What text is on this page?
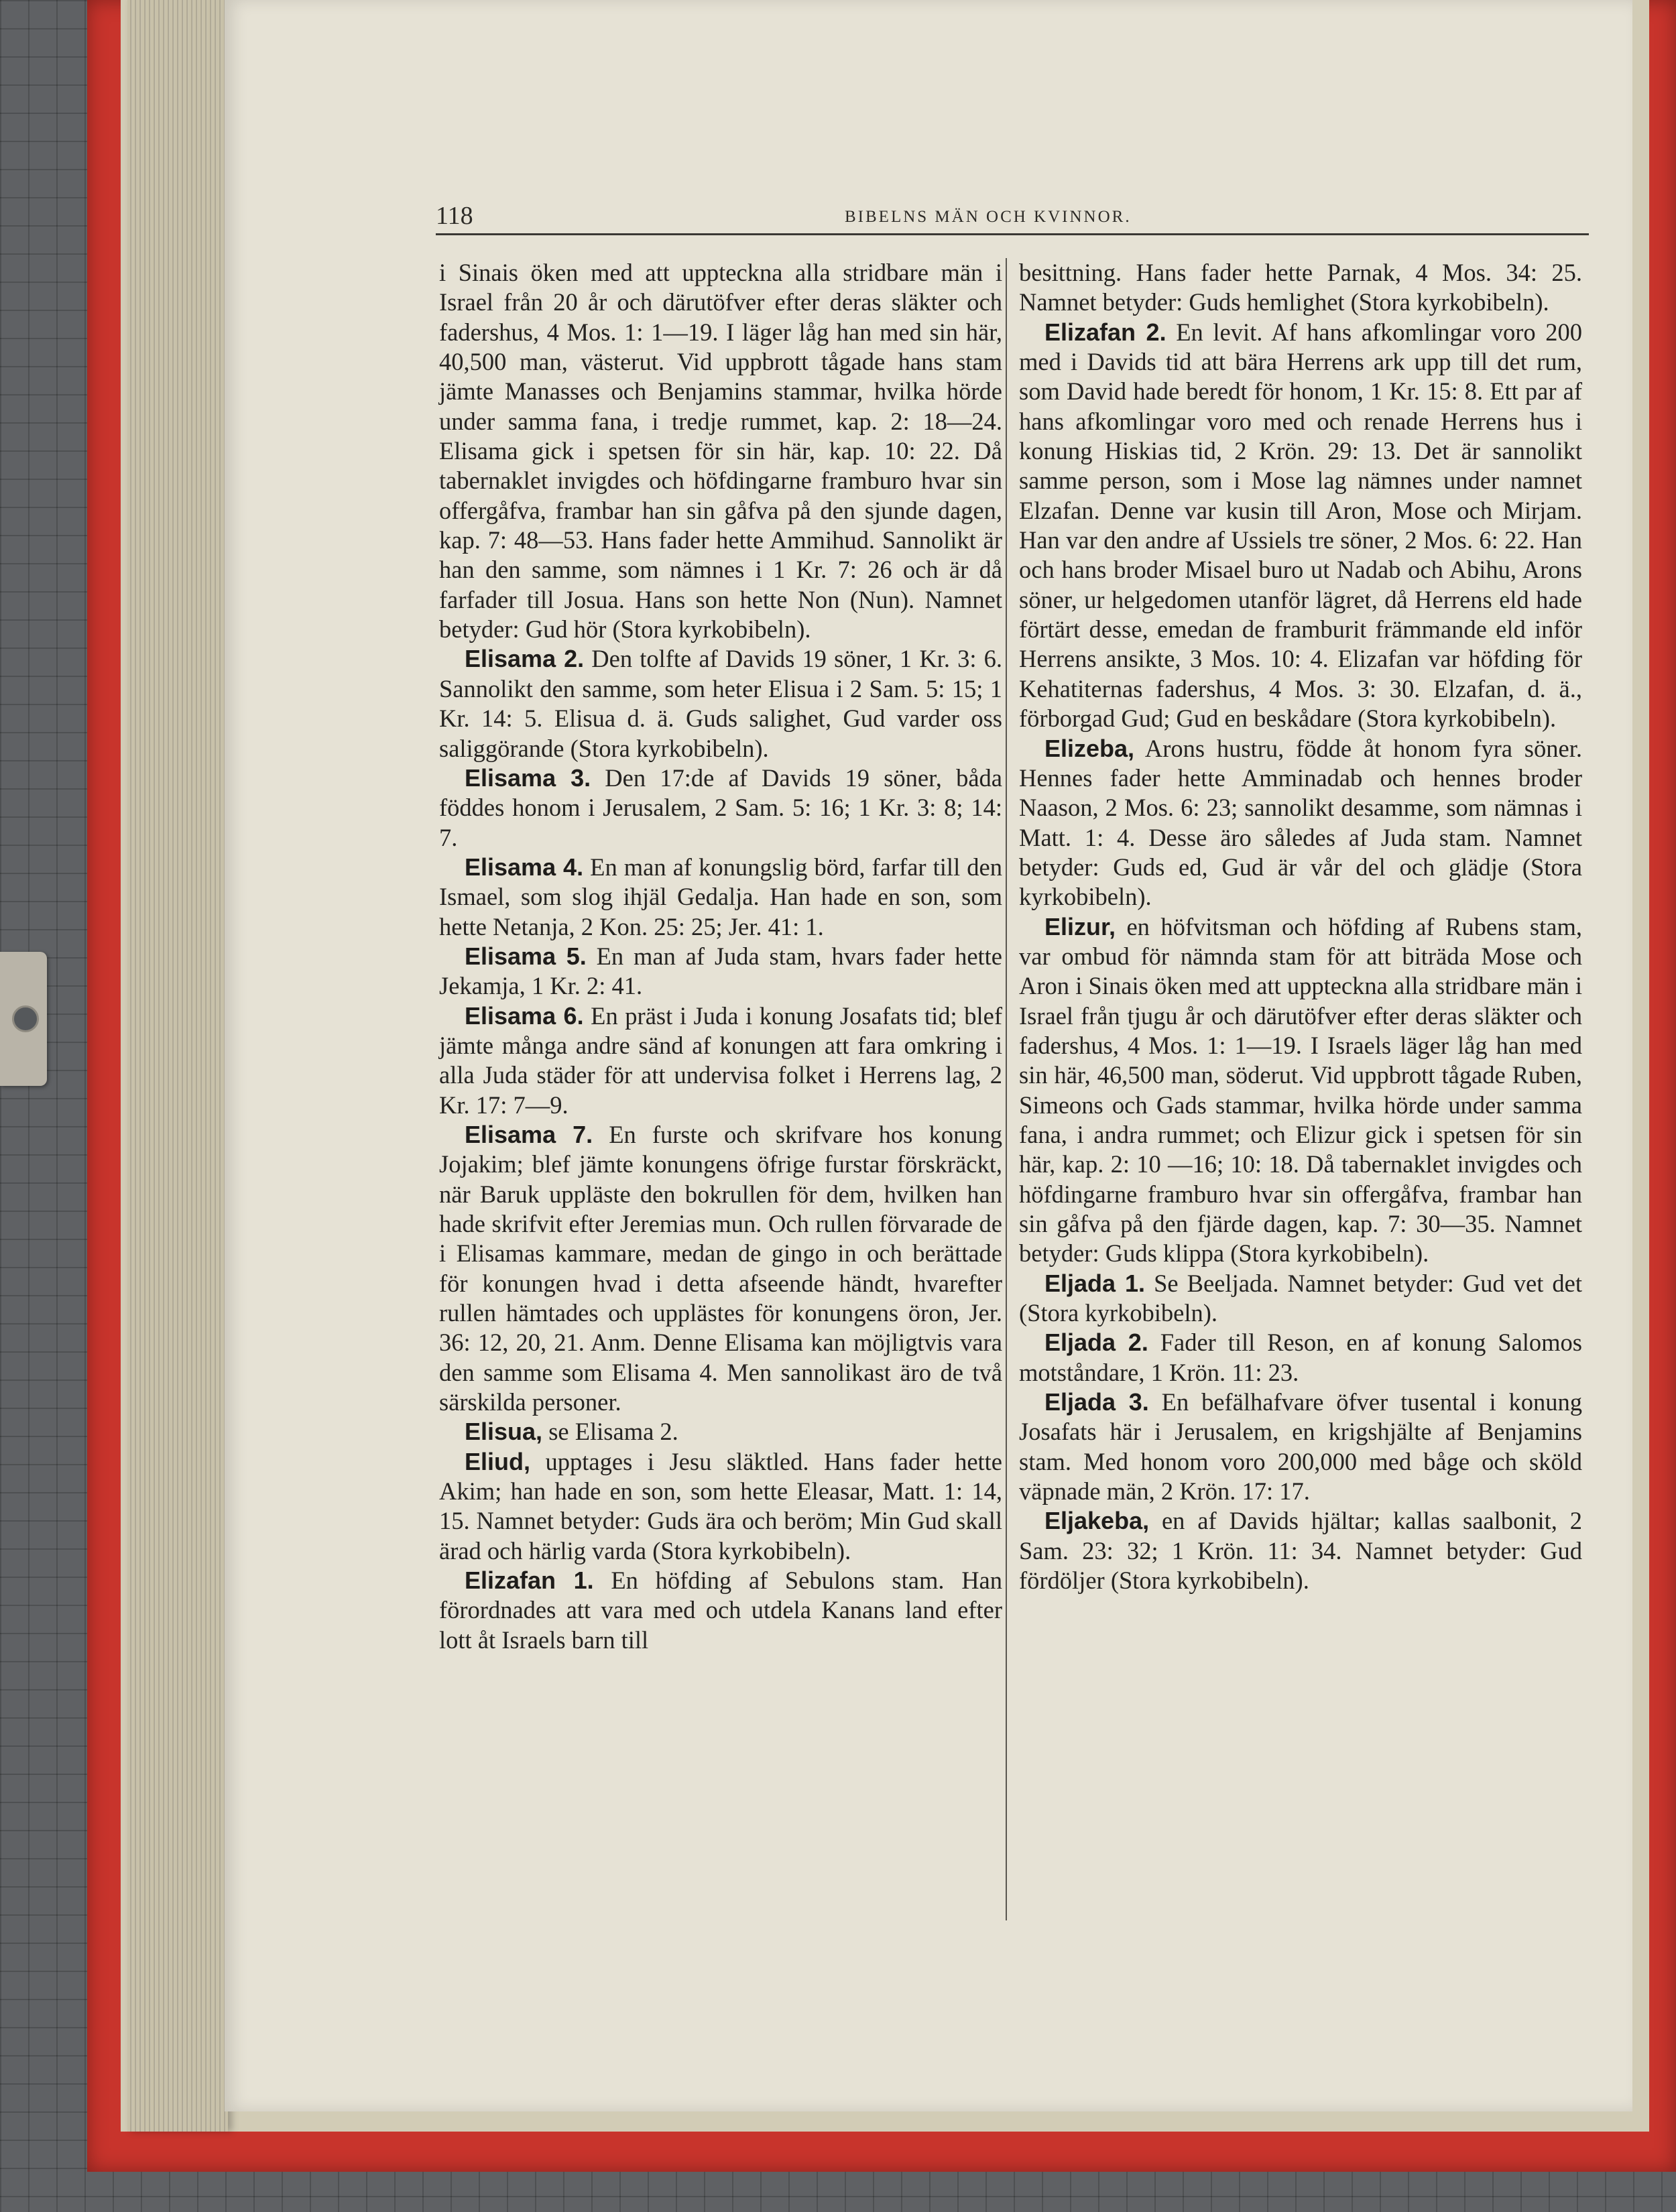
118	BIBELNS MÄN OCH KVINNOR.

i Sinais öken med att uppteckna alla stridbare män i Israel från 20 år och därutöfver efter deras släkter och fadershus, 4 Mos. 1: 1—19. I läger låg han med sin här, 40,500 man, västerut. Vid uppbrott tågade hans stam jämte Manasses och Benjamins stammar, hvilka hörde under samma fana, i tredje rummet, kap. 2: 18—24. Elisama gick i spetsen för sin här, kap. 10: 22. Då tabernaklet invigdes och höfdingarne framburo hvar sin offergåfva, frambar han sin gåfva på den sjunde dagen, kap. 7: 48—53. Hans fader hette Ammihud. Sannolikt är han den samme, som nämnes i 1 Kr. 7: 26 och är då farfader till Josua. Hans son hette Non (Nun). Namnet betyder: Gud hör (Stora kyrkobibeln).

Elisama 2. Den tolfte af Davids 19 söner, 1 Kr. 3: 6. Sannolikt den samme, som heter Elisua i 2 Sam. 5: 15; 1 Kr. 14: 5. Elisua d. ä. Guds salighet, Gud varder oss saliggörande (Stora kyrkobibeln).

Elisama 3. Den 17:de af Davids 19 söner, båda föddes honom i Jerusalem, 2 Sam. 5: 16; 1 Kr. 3: 8; 14: 7.

Elisama 4. En man af konungslig börd, farfar till den Ismael, som slog ihjäl Gedalja. Han hade en son, som hette Netanja, 2 Kon. 25: 25; Jer. 41: 1.

Elisama 5. En man af Juda stam, hvars fader hette Jekamja, 1 Kr. 2: 41.

Elisama 6. En präst i Juda i konung Josafats tid; blef jämte många andre sänd af konungen att fara omkring i alla Juda städer för att undervisa folket i Herrens lag, 2 Kr. 17: 7—9.

Elisama 7. En furste och skrifvare hos konung Jojakim; blef jämte konungens öfrige furstar förskräckt, när Baruk uppläste den bokrullen för dem, hvilken han hade skrifvit efter Jeremias mun. Och rullen förvarade de i Elisamas kammare, medan de gingo in och berättade för konungen hvad i detta afseende händt, hvarefter rullen hämtades och upplästes för konungens öron, Jer. 36: 12, 20, 21. Anm. Denne Elisama kan möjligtvis vara den samme som Elisama 4. Men sannolikast äro de två särskilda personer.

Elisua, se Elisama 2.

Eliud, upptages i Jesu släktled. Hans fader hette Akim; han hade en son, som hette Eleasar, Matt. 1: 14, 15. Namnet betyder: Guds ära och beröm; Min Gud skall ärad och härlig varda (Stora kyrkobibeln).

Elizafan 1. En höfding af Sebulons stam. Han förordnades att vara med och utdela Kanans land efter lott åt Israels barn till

besittning. Hans fader hette Parnak, 4 Mos. 34: 25. Namnet betyder: Guds hemlighet (Stora kyrkobibeln).

Elizafan 2. En levit. Af hans afkomlingar voro 200 med i Davids tid att bära Herrens ark upp till det rum, som David hade beredt för honom, 1 Kr. 15: 8. Ett par af hans afkomlingar voro med och renade Herrens hus i konung Hiskias tid, 2 Krön. 29: 13. Det är sannolikt samme person, som i Mose lag nämnes under namnet Elzafan. Denne var kusin till Aron, Mose och Mirjam. Han var den andre af Ussiels tre söner, 2 Mos. 6: 22. Han och hans broder Misael buro ut Nadab och Abihu, Arons söner, ur helgedomen utanför lägret, då Herrens eld hade förtärt desse, emedan de framburit främmande eld inför Herrens ansikte, 3 Mos. 10: 4. Elizafan var höfding för Kehatiternas fadershus, 4 Mos. 3: 30. Elzafan, d. ä., förborgad Gud; Gud en beskådare (Stora kyrkobibeln).

Elizeba, Arons hustru, födde åt honom fyra söner. Hennes fader hette Amminadab och hennes broder Naason, 2 Mos. 6: 23; sannolikt desamme, som nämnas i Matt. 1: 4. Desse äro således af Juda stam. Namnet betyder: Guds ed, Gud är vår del och glädje (Stora kyrkobibeln).

Elizur, en höfvitsman och höfding af Rubens stam, var ombud för nämnda stam för att biträda Mose och Aron i Sinais öken med att uppteckna alla stridbare män i Israel från tjugu år och därutöfver efter deras släkter och fadershus, 4 Mos. 1: 1—19. I Israels läger låg han med sin här, 46,500 man, söderut. Vid uppbrott tågade Ruben, Simeons och Gads stammar, hvilka hörde under samma fana, i andra rummet; och Elizur gick i spetsen för sin här, kap. 2: 10 —16; 10: 18. Då tabernaklet invigdes och höfdingarne framburo hvar sin offergåfva, frambar han sin gåfva på den fjärde dagen, kap. 7: 30—35. Namnet betyder: Guds klippa (Stora kyrkobibeln).

Eljada 1. Se Beeljada. Namnet betyder: Gud vet det (Stora kyrkobibeln).

Eljada 2. Fader till Reson, en af konung Salomos motståndare, 1 Krön. 11: 23.

Eljada 3. En befälhafvare öfver tusental i konung Josafats här i Jerusalem, en krigshjälte af Benjamins stam. Med honom voro 200,000 med båge och sköld väpnade män, 2 Krön. 17: 17.

Eljakeba, en af Davids hjältar; kallas saalbonit, 2 Sam. 23: 32; 1 Krön. 11: 34. Namnet betyder: Gud fördöljer (Stora kyrkobibeln).
